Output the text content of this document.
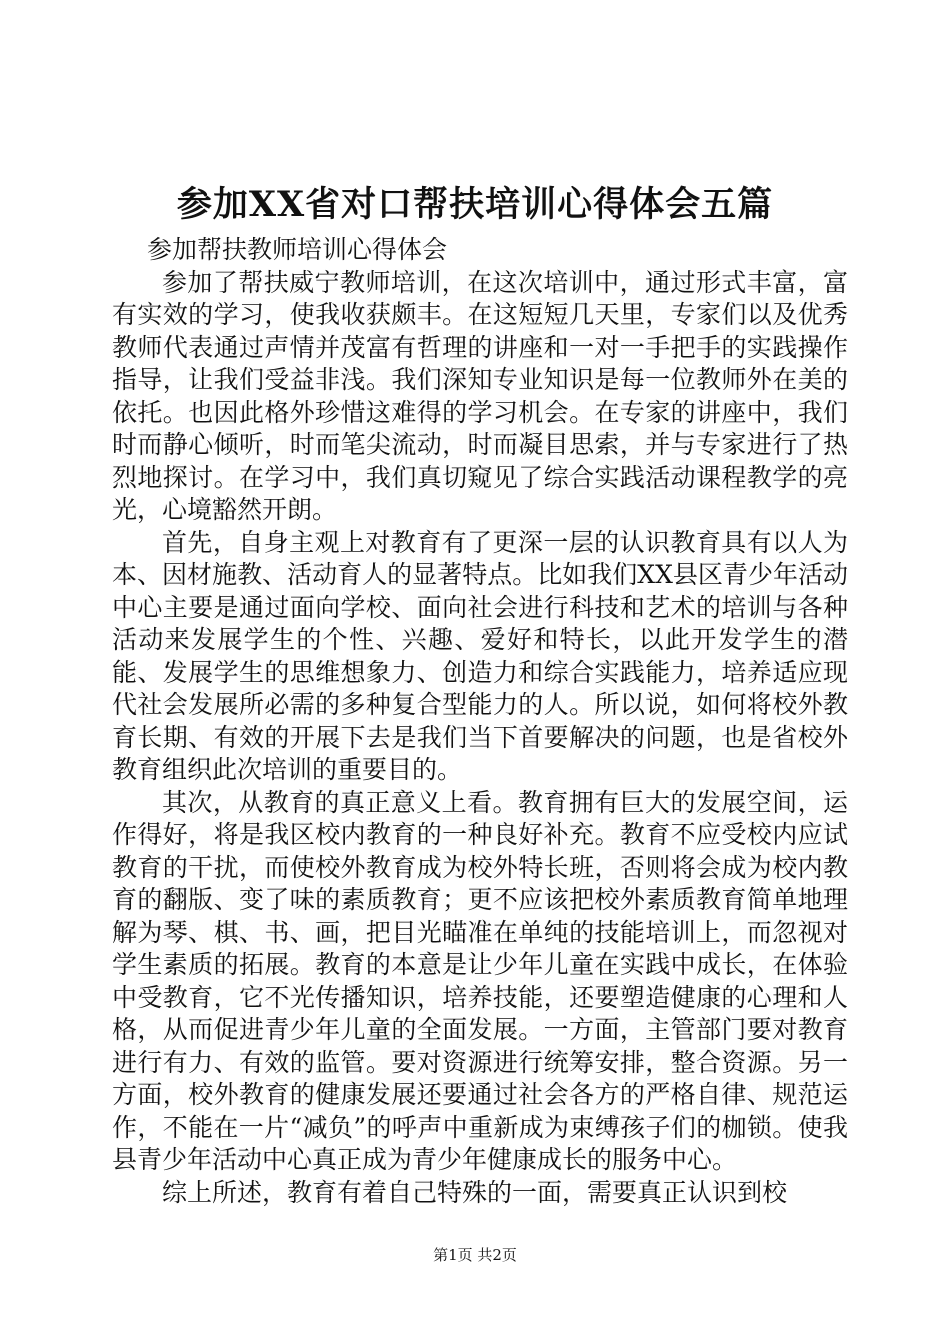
参加XX省对口帮扶培训心得体会五篇

参加帮扶教师培训心得体会

参加了帮扶威宁教师培训，在这次培训中，通过形式丰富，富有实效的学习，使我收获颇丰。在这短短几天里，专家们以及优秀教师代表通过声情并茂富有哲理的讲座和一对一手把手的实践操作指导，让我们受益非浅。我们深知专业知识是每一位教师外在美的依托。也因此格外珍惜这难得的学习机会。在专家的讲座中，我们时而静心倾听，时而笔尖流动，时而凝目思索，并与专家进行了热烈地探讨。在学习中，我们真切窥见了综合实践活动课程教学的亮光，心境豁然开朗。

首先，自身主观上对教育有了更深一层的认识教育具有以人为本、因材施教、活动育人的显著特点。比如我们XX县区青少年活动中心主要是通过面向学校、面向社会进行科技和艺术的培训与各种活动来发展学生的个性、兴趣、爱好和特长，以此开发学生的潜能、发展学生的思维想象力、创造力和综合实践能力，培养适应现代社会发展所必需的多种复合型能力的人。所以说，如何将校外教育长期、有效的开展下去是我们当下首要解决的问题，也是省校外教育组织此次培训的重要目的。

其次，从教育的真正意义上看。教育拥有巨大的发展空间，运作得好，将是我区校内教育的一种良好补充。教育不应受校内应试教育的干扰，而使校外教育成为校外特长班，否则将会成为校内教育的翻版、变了味的素质教育；更不应该把校外素质教育简单地理解为琴、棋、书、画，把目光瞄准在单纯的技能培训上，而忽视对学生素质的拓展。教育的本意是让少年儿童在实践中成长，在体验中受教育，它不光传播知识，培养技能，还要塑造健康的心理和人格，从而促进青少年儿童的全面发展。一方面，主管部门要对教育进行有力、有效的监管。要对资源进行统筹安排，整合资源。另一方面，校外教育的健康发展还要通过社会各方的严格自律、规范运作，不能在一片“减负”的呼声中重新成为束缚孩子们的枷锁。使我县青少年活动中心真正成为青少年健康成长的服务中心。

综上所述，教育有着自己特殊的一面，需要真正认识到校

第1页 共2页
